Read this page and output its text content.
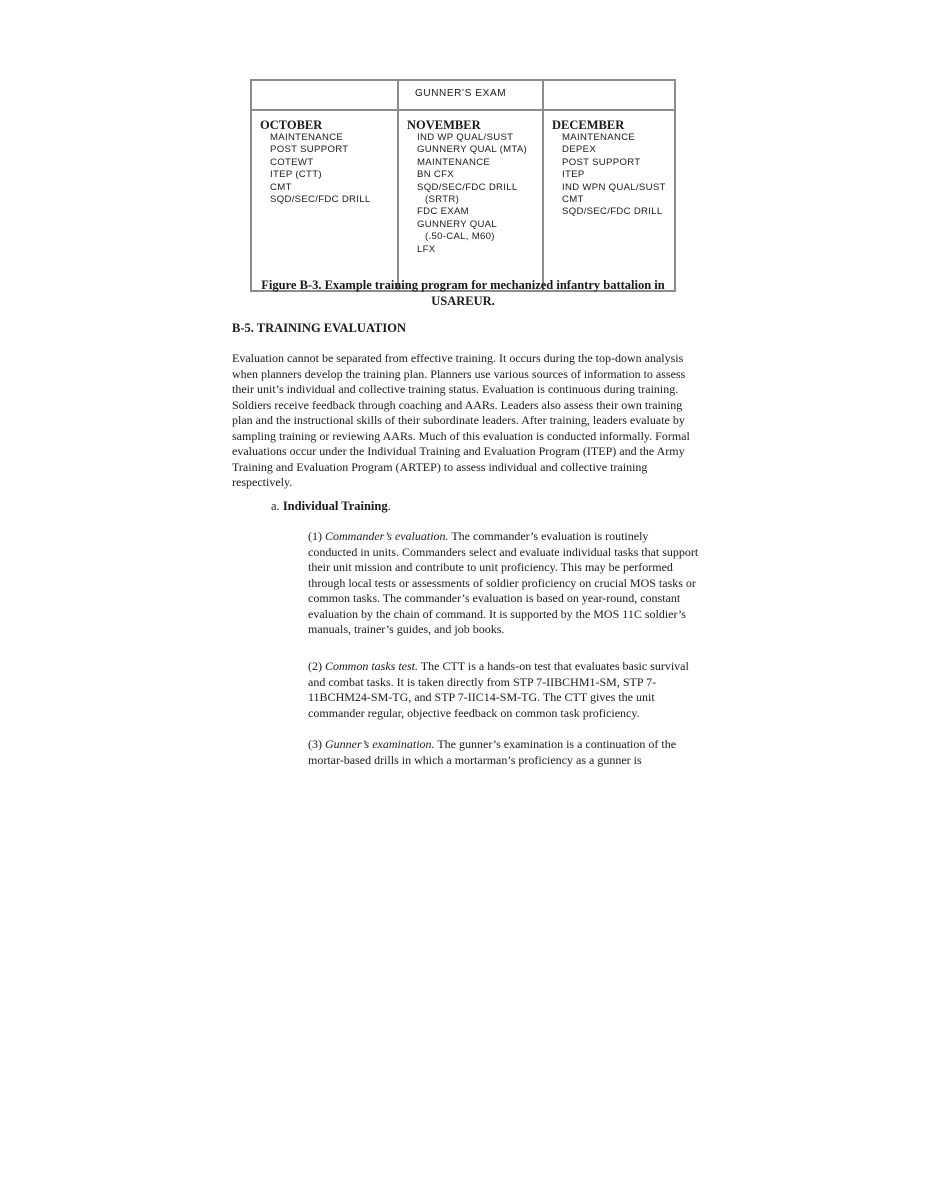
GUNNER’S EXAM
OCTOBER
MAINTENANCE
POST SUPPORT
COTEWT
ITEP (CTT)
CMT
SQD/SEC/FDC DRILL
NOVEMBER
IND WP QUAL/SUST
GUNNERY QUAL (MTA)
MAINTENANCE
BN CFX
SQD/SEC/FDC DRILL
(SRTR)
FDC EXAM
GUNNERY QUAL
(.50-CAL, M60)
LFX
DECEMBER
MAINTENANCE
DEPEX
POST SUPPORT
ITEP
IND WPN QUAL/SUST
CMT
SQD/SEC/FDC DRILL
Figure B-3. Example training program for mechanized infantry battalion in
USAREUR.
B-5. TRAINING EVALUATION

Evaluation cannot be separated from effective training. It occurs during the top-down analysis when planners develop the training plan. Planners use various sources of information to assess their unit’s individual and collective training status. Evaluation is continuous during training. Soldiers receive feedback through coaching and AARs. Leaders also assess their own training plan and the instructional skills of their subordinate leaders. After training, leaders evaluate by sampling training or reviewing AARs. Much of this evaluation is conducted informally. Formal evaluations occur under the Individual Training and Evaluation Program (ITEP) and the Army Training and Evaluation Program (ARTEP) to assess individual and collective training respectively.

a. Individual Training.

(1) Commander’s evaluation. The commander’s evaluation is routinely conducted in units. Commanders select and evaluate individual tasks that support their unit mission and contribute to unit proficiency. This may be performed through local tests or assessments of soldier proficiency on crucial MOS tasks or common tasks. The commander’s evaluation is based on year-round, constant evaluation by the chain of command. It is supported by the MOS 11C soldier’s manuals, trainer’s guides, and job books.

(2) Common tasks test. The CTT is a hands-on test that evaluates basic survival and combat tasks. It is taken directly from STP 7-IIBCHM1-SM, STP 7-11BCHM24-SM-TG, and STP 7-IIC14-SM-TG. The CTT gives the unit commander regular, objective feedback on common task proficiency.

(3) Gunner’s examination. The gunner’s examination is a continuation of the mortar-based drills in which a mortarman’s proficiency as a gunner is
